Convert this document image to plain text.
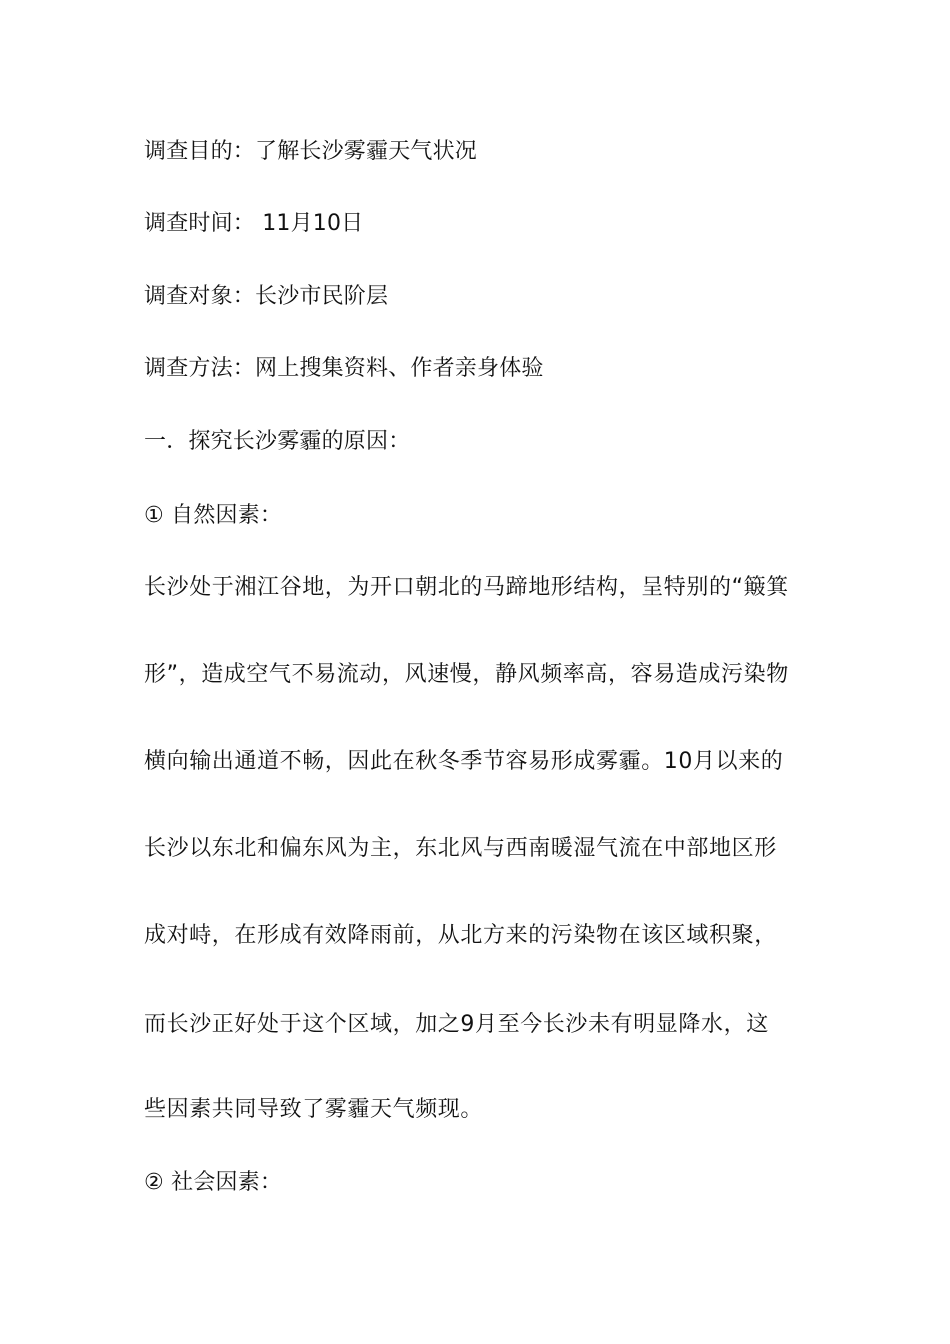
调查目的：了解长沙雾霾天气状况
调查时间： 11月10日
调查对象：长沙市民阶层
调查方法：网上搜集资料、作者亲身体验
一．探究长沙雾霾的原因：
① 自然因素：
长沙处于湘江谷地，为开口朝北的马蹄地形结构，呈特别的“簸箕
形”，造成空气不易流动，风速慢，静风频率高，容易造成污染物
横向输出通道不畅，因此在秋冬季节容易形成雾霾。10月以来的
长沙以东北和偏东风为主，东北风与西南暖湿气流在中部地区形
成对峙，在形成有效降雨前，从北方来的污染物在该区域积聚，
而长沙正好处于这个区域，加之9月至今长沙未有明显降水，这
些因素共同导致了雾霾天气频现。
② 社会因素：
